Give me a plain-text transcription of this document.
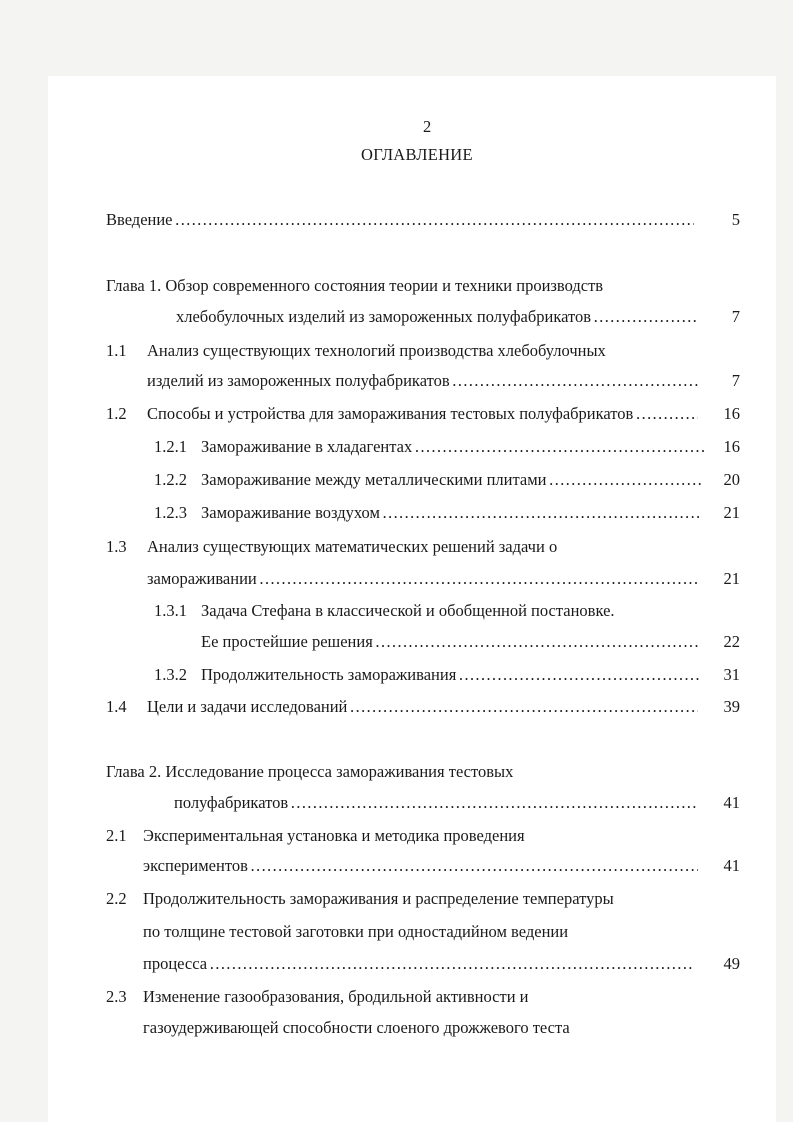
2
ОГЛАВЛЕНИЕ
Введение …………………………………………………………………………………………………………………………………………………………………………………………………………………………………	5
Глава 1. Обзор современного состояния теории и техники производств
хлебобулочных изделий из замороженных полуфабрикатов …………………………………………………………………………………………………………………………………………………………………………………………………………………………………	7
1.1 Анализ существующих технологий производства хлебобулочных
изделий из замороженных полуфабрикатов …………………………………………………………………………………………………………………………………………………………………………………………………………………………………	7
1.2 Способы и устройства для замораживания тестовых полуфабрикатов …………………………………………………………………………………………………………………………………………………………………………………………………………………………………	16
1.2.1 Замораживание в хладагентах …………………………………………………………………………………………………………………………………………………………………………………………………………………………………	16
1.2.2 Замораживание между металлическими плитами …………………………………………………………………………………………………………………………………………………………………………………………………………………………………	20
1.2.3 Замораживание воздухом …………………………………………………………………………………………………………………………………………………………………………………………………………………………………	21
1.3 Анализ существующих математических решений задачи о
замораживании …………………………………………………………………………………………………………………………………………………………………………………………………………………………………	21
1.3.1 Задача Стефана в классической и обобщенной постановке.
Ее простейшие решения …………………………………………………………………………………………………………………………………………………………………………………………………………………………………	22
1.3.2 Продолжительность замораживания …………………………………………………………………………………………………………………………………………………………………………………………………………………………………	31
1.4 Цели и задачи исследований …………………………………………………………………………………………………………………………………………………………………………………………………………………………………	39
Глава 2. Исследование процесса замораживания тестовых
полуфабрикатов …………………………………………………………………………………………………………………………………………………………………………………………………………………………………	41
2.1 Экспериментальная установка и методика проведения
экспериментов …………………………………………………………………………………………………………………………………………………………………………………………………………………………………	41
2.2 Продолжительность замораживания и распределение температуры
по толщине тестовой заготовки при одностадийном ведении
процесса …………………………………………………………………………………………………………………………………………………………………………………………………………………………………	49
2.3 Изменение газообразования, бродильной активности и
газоудерживающей способности слоеного дрожжевого теста
